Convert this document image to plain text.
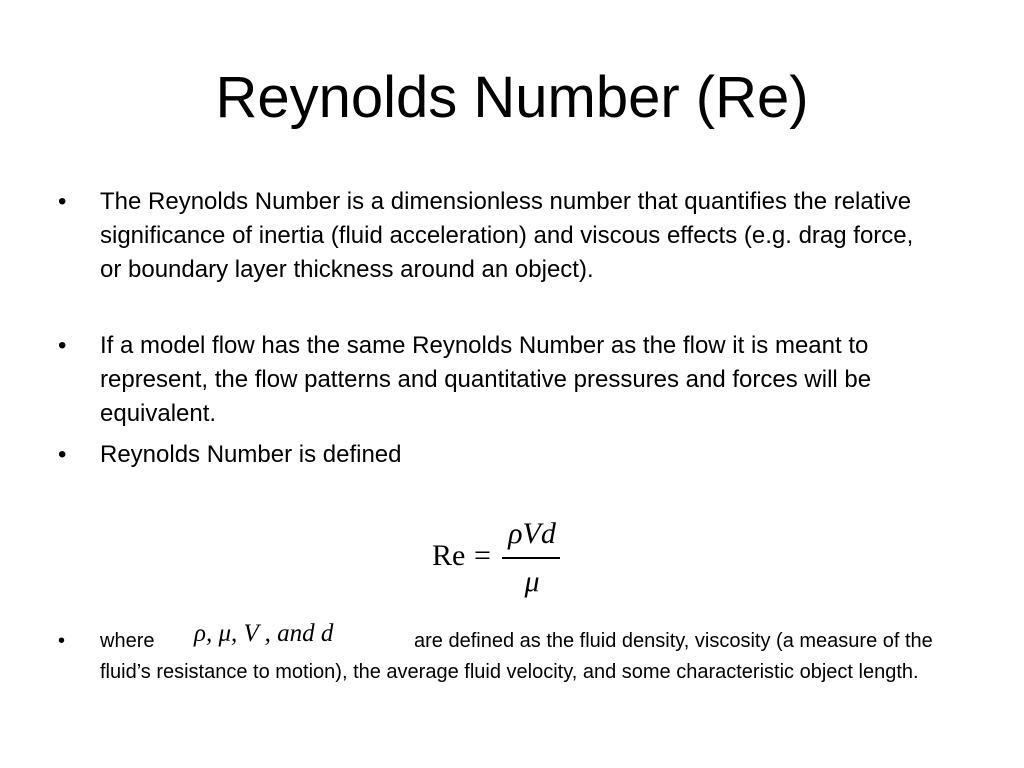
Reynolds Number (Re)
•	The Reynolds Number is a dimensionless number that quantifies the relative significance of inertia (fluid acceleration) and viscous effects (e.g. drag force, or boundary layer thickness around an object).
•	If a model flow has the same Reynolds Number as the flow it is meant to represent, the flow patterns and quantitative pressures and forces will be equivalent.
•	Reynolds Number is defined
Re =
ρVd
μ
• where ρ, μ, V , and d	are defined as the fluid density, viscosity (a measure of the fluid’s resistance to motion), the average fluid velocity, and some characteristic object length.
